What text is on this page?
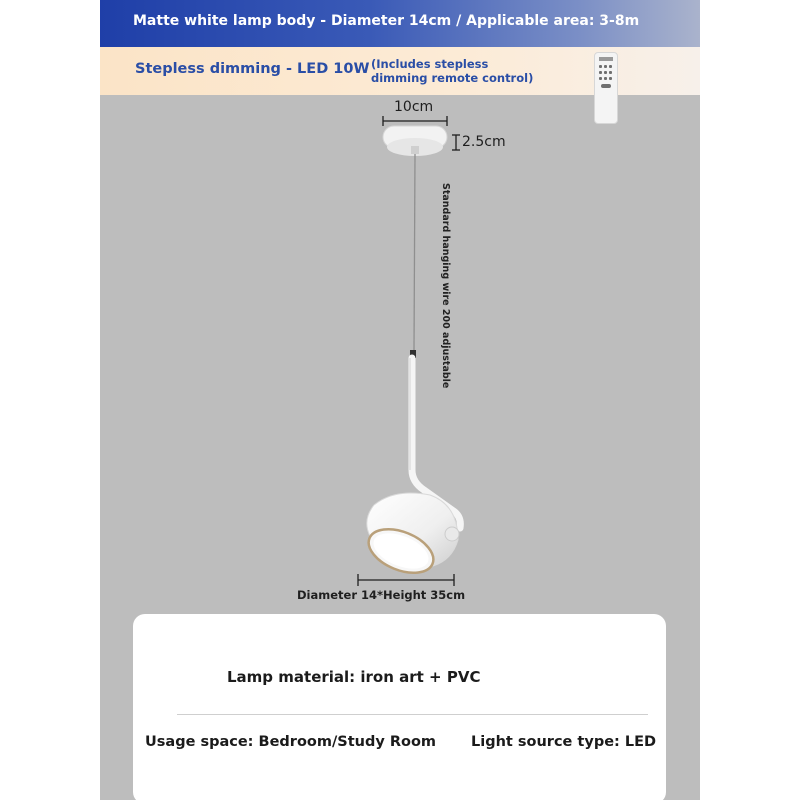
Matte white lamp body - Diameter 14cm / Applicable area: 3-8m
Stepless dimming - LED 10W (Includes stepless
dimming remote control)
10cm
2.5cm
Standard hanging wire 200 adjustable
Diameter 14*Height 35cm
Lamp material: iron art + PVC
Usage space: Bedroom/Study Room Light source type: LED
